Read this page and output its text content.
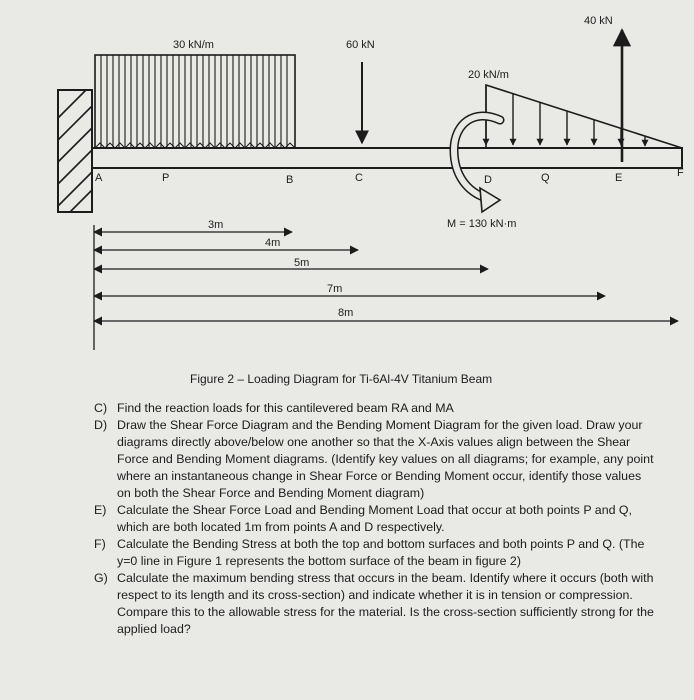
30 kN/m	60 kN
20 kN/m
40 kN
M = 130 kN·m
A	P	B	C	D	Q	E	F
3m
4m
5m
7m
8m
Figure 2 – Loading Diagram for Ti-6Al-4V Titanium Beam
C) Find the reaction loads for this cantilevered beam RA and MA
D) Draw the Shear Force Diagram and the Bending Moment Diagram for the given load. Draw your diagrams directly above/below one another so that the X-Axis values align between the Shear Force and Bending Moment diagrams. (Identify key values on all diagrams; for example, any point where an instantaneous change in Shear Force or Bending Moment occur, identify those values on both the Shear Force and Bending Moment diagram)
E) Calculate the Shear Force Load and Bending Moment Load that occur at both points P and Q, which are both located 1m from points A and D respectively.
F) Calculate the Bending Stress at both the top and bottom surfaces and both points P and Q. (The y=0 line in Figure 1 represents the bottom surface of the beam in figure 2)
G) Calculate the maximum bending stress that occurs in the beam. Identify where it occurs (both with respect to its length and its cross-section) and indicate whether it is in tension or compression. Compare this to the allowable stress for the material. Is the cross-section sufficiently strong for the applied load?
